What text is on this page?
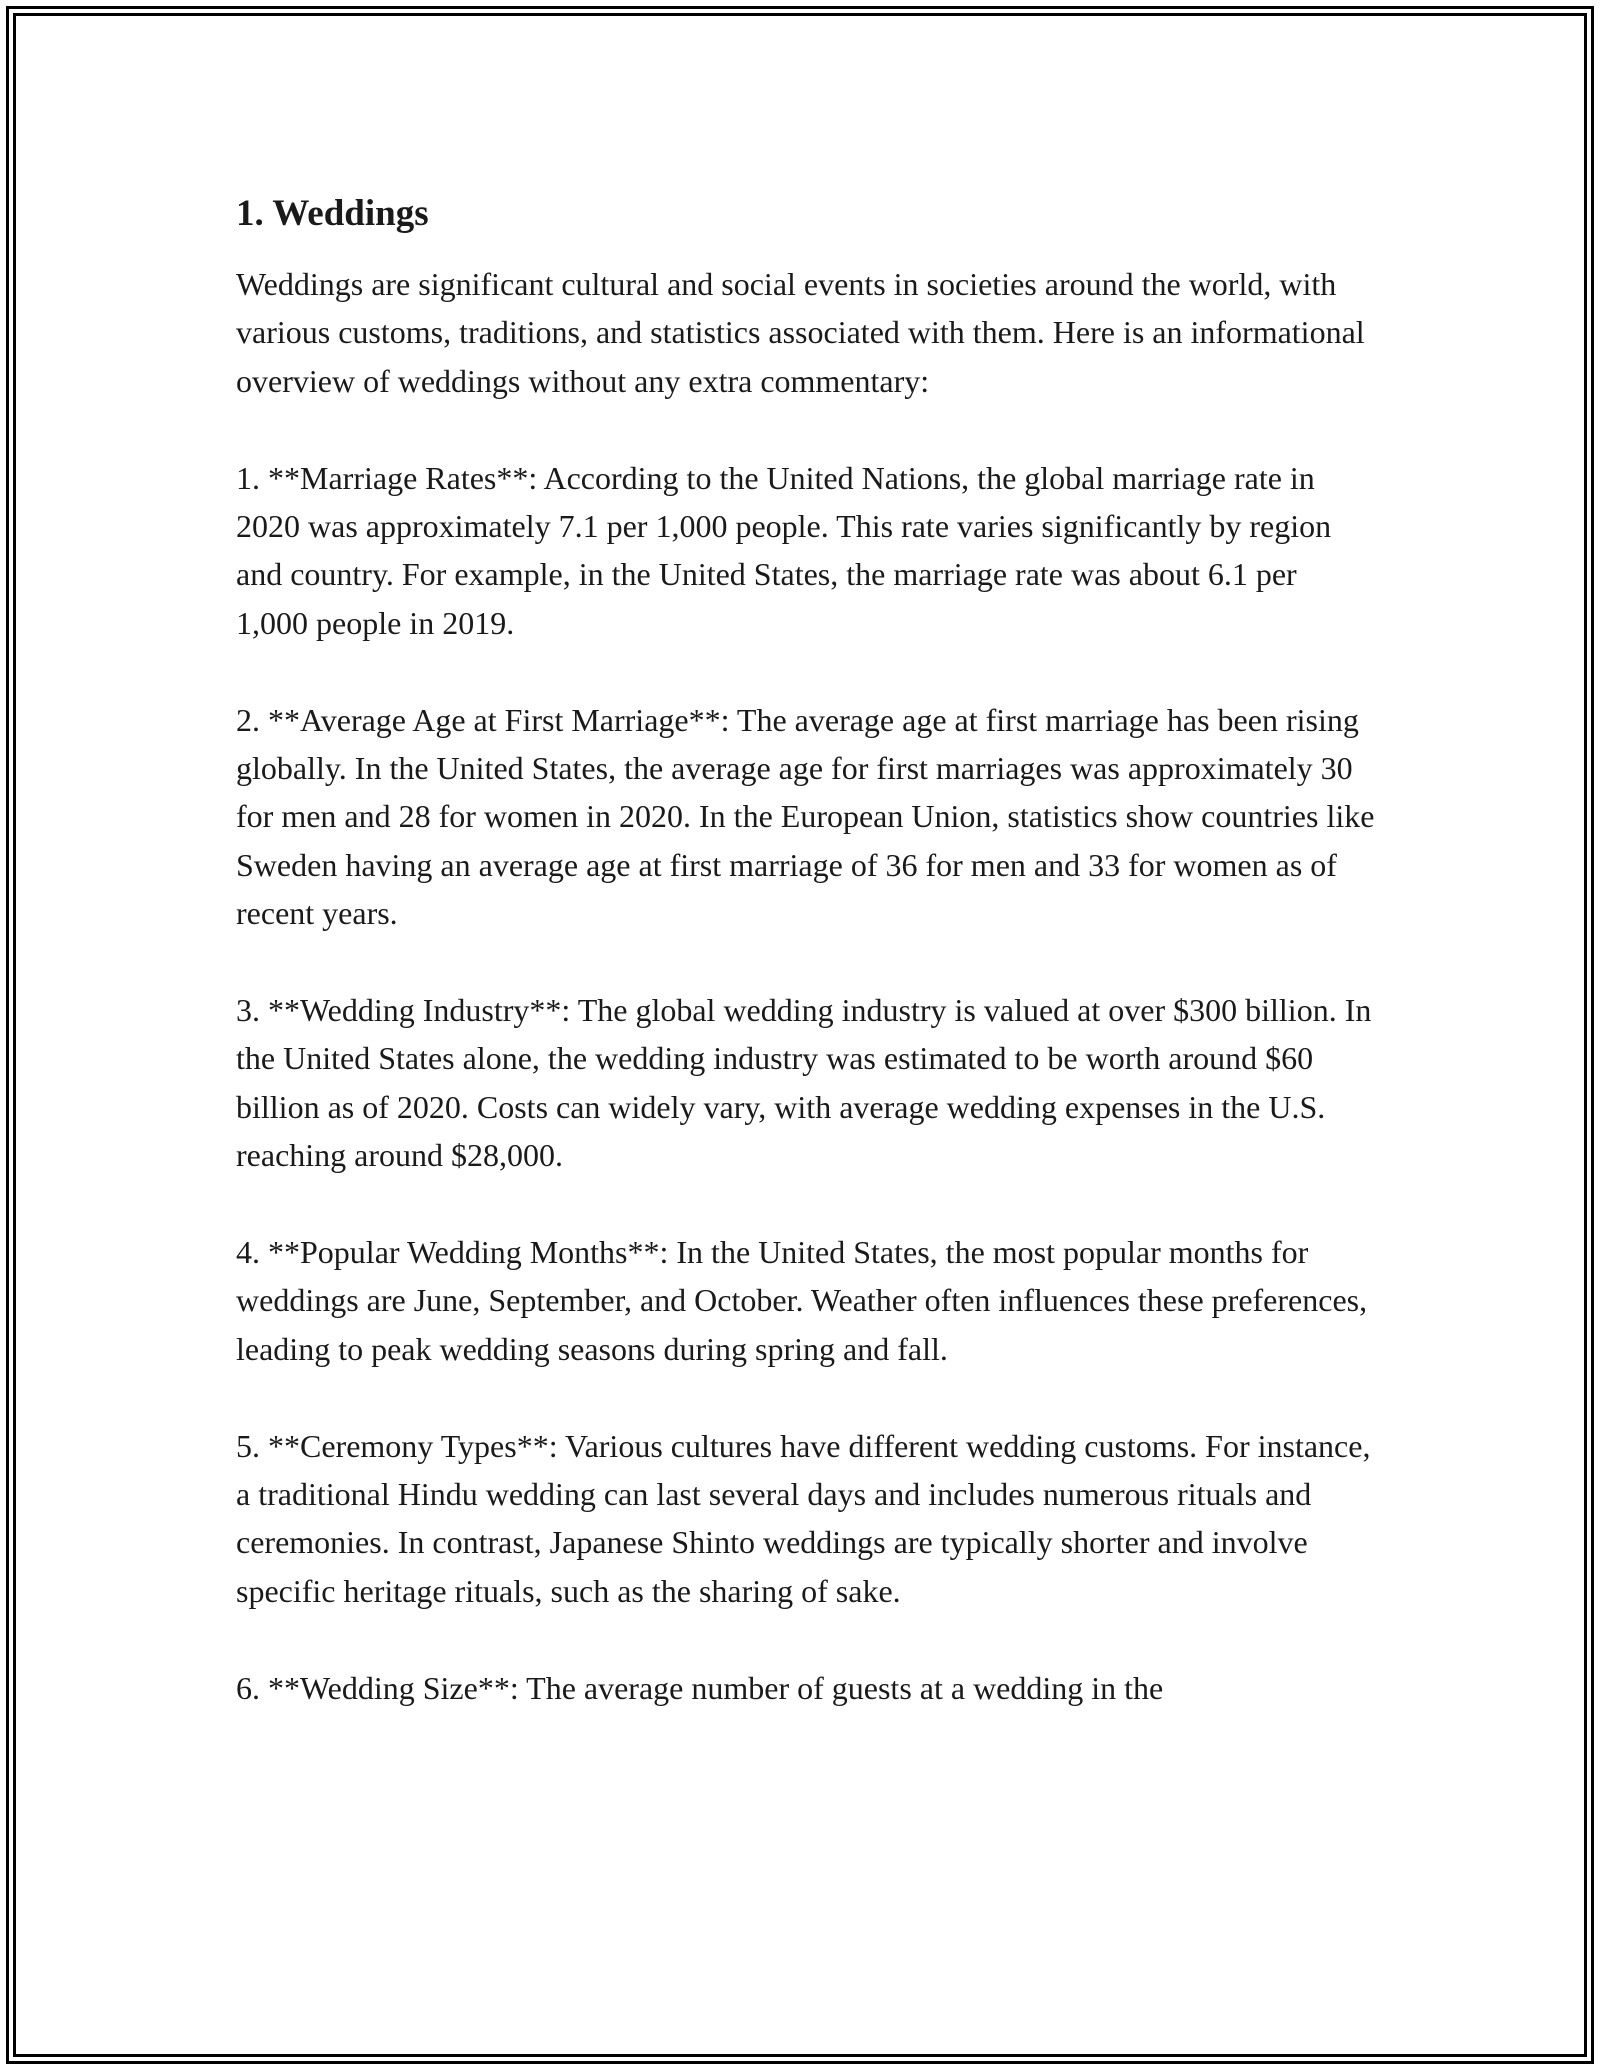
1. Weddings

Weddings are significant cultural and social events in societies around the world, with various customs, traditions, and statistics associated with them. Here is an informational overview of weddings without any extra commentary:

1. **Marriage Rates**: According to the United Nations, the global marriage rate in 2020 was approximately 7.1 per 1,000 people. This rate varies significantly by region and country. For example, in the United States, the marriage rate was about 6.1 per 1,000 people in 2019.

2. **Average Age at First Marriage**: The average age at first marriage has been rising globally. In the United States, the average age for first marriages was approximately 30 for men and 28 for women in 2020. In the European Union, statistics show countries like Sweden having an average age at first marriage of 36 for men and 33 for women as of recent years.

3. **Wedding Industry**: The global wedding industry is valued at over $300 billion. In the United States alone, the wedding industry was estimated to be worth around $60 billion as of 2020. Costs can widely vary, with average wedding expenses in the U.S. reaching around $28,000.

4. **Popular Wedding Months**: In the United States, the most popular months for weddings are June, September, and October. Weather often influences these preferences, leading to peak wedding seasons during spring and fall.

5. **Ceremony Types**: Various cultures have different wedding customs. For instance, a traditional Hindu wedding can last several days and includes numerous rituals and ceremonies. In contrast, Japanese Shinto weddings are typically shorter and involve specific heritage rituals, such as the sharing of sake.

6. **Wedding Size**: The average number of guests at a wedding in the
